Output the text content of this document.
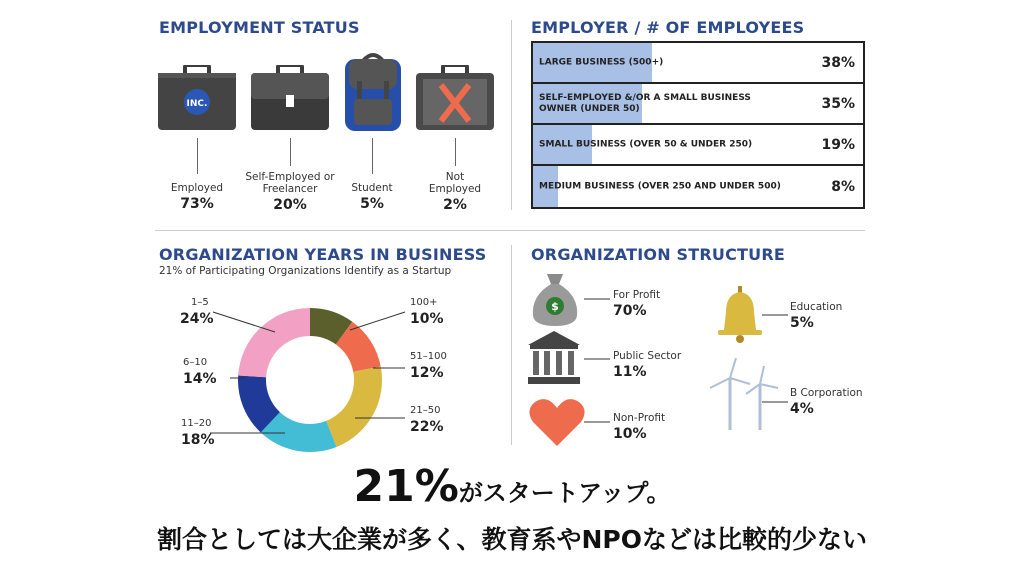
EMPLOYMENT STATUS
INC.
Employed
73%
Self-Employed or
Freelancer
20%
Student
5%
Not
Employed
2%
EMPLOYER / # OF EMPLOYEES
LARGE BUSINESS (500+)	38%
SELF-EMPLOYED &/OR A SMALL BUSINESS OWNER (UNDER 50)	35%
SMALL BUSINESS (OVER 50 & UNDER 250)	19%
MEDIUM BUSINESS (OVER 250 AND UNDER 500)	8%
ORGANIZATION YEARS IN BUSINESS
21% of Participating Organizations Identify as a Startup
100+
10%
51–100
12%
21–50
22%
11–20
18%
6–10
14%
1–5
24%
ORGANIZATION STRUCTURE
$
For Profit
70%
Public Sector
11%
Non-Profit
10%
Education
5%
B Corporation
4%
21%がスタートアップ。
割合としては大企業が多く、教育系やNPOなどは比較的少ない
